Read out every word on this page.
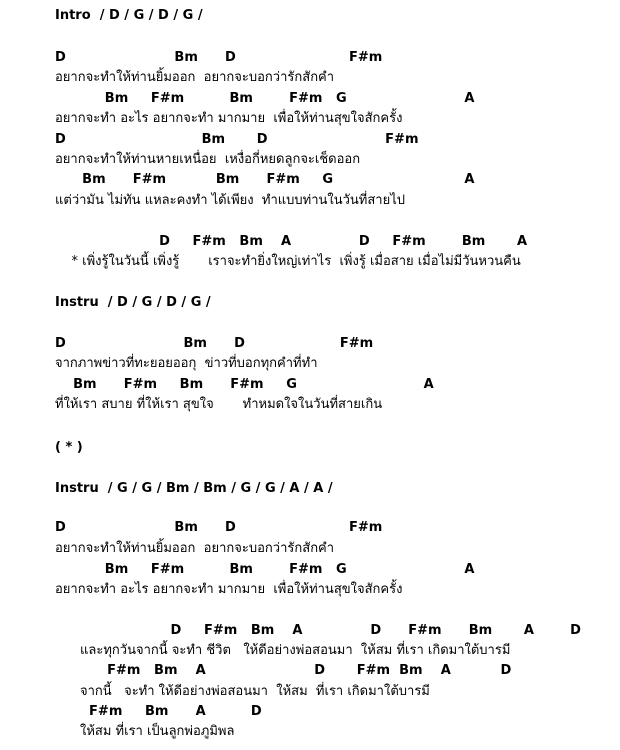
Intro  / D / G / D / G /
D                        Bm      D                         F#m
อยากจะทำให้ท่านยิ้มออก  อยากจะบอกว่ารักสักคำ
Bm     F#m          Bm        F#m   G                          A
อยากจะทำ อะไร อยากจะทำ มากมาย  เพื่อให้ท่านสุขใจสักครั้ง
D                              Bm       D                          F#m
อยากจะทำให้ท่านหายเหนื่อย  เหงื่อกี่หยดลูกจะเช็ดออก
Bm      F#m           Bm      F#m     G                             A
แต่ว่ามัน ไม่ทัน แหละคงทำ ได้เพียง  ทำแบบท่านในวันที่สายไป
D     F#m   Bm    A               D     F#m        Bm       A
* เพิ่งรู้ในวันนี้ เพิ่งรู้       เราจะทำยิ่งใหญ่เท่าไร  เพิ่งรู้ เมื่อสาย เมื่อไม่มีวันหวนคืน
Instru  / D / G / D / G /
D                          Bm      D                     F#m
จากภาพข่าวที่ทะยอยออกุ  ข่าวที่บอกทุกคำที่ทำ
Bm      F#m     Bm      F#m     G                            A
ที่ให้เรา สบาย ที่ให้เรา สุขใจ       ทำหมดใจในวันที่สายเกิน
( * )
Instru  / G / G / Bm / Bm / G / G / A / A /
D                        Bm      D                         F#m
อยากจะทำให้ท่านยิ้มออก  อยากจะบอกว่ารักสักคำ
Bm     F#m          Bm        F#m   G                          A
อยากจะทำ อะไร อยากจะทำ มากมาย  เพื่อให้ท่านสุขใจสักครั้ง
D     F#m   Bm    A               D      F#m      Bm       A        D
และทุกวันจากนี้ จะทำ ชีวิต   ให้ดีอย่างพ่อสอนมา  ให้สม ที่เรา เกิดมาใต้บารมี
F#m   Bm    A                        D       F#m  Bm    A           D
จากนี้   จะทำ ให้ดีอย่างพ่อสอนมา  ให้สม  ที่เรา เกิดมาใต้บารมี
F#m     Bm      A          D
ให้สม ที่เรา เป็นลูกพ่อภูมิพล
